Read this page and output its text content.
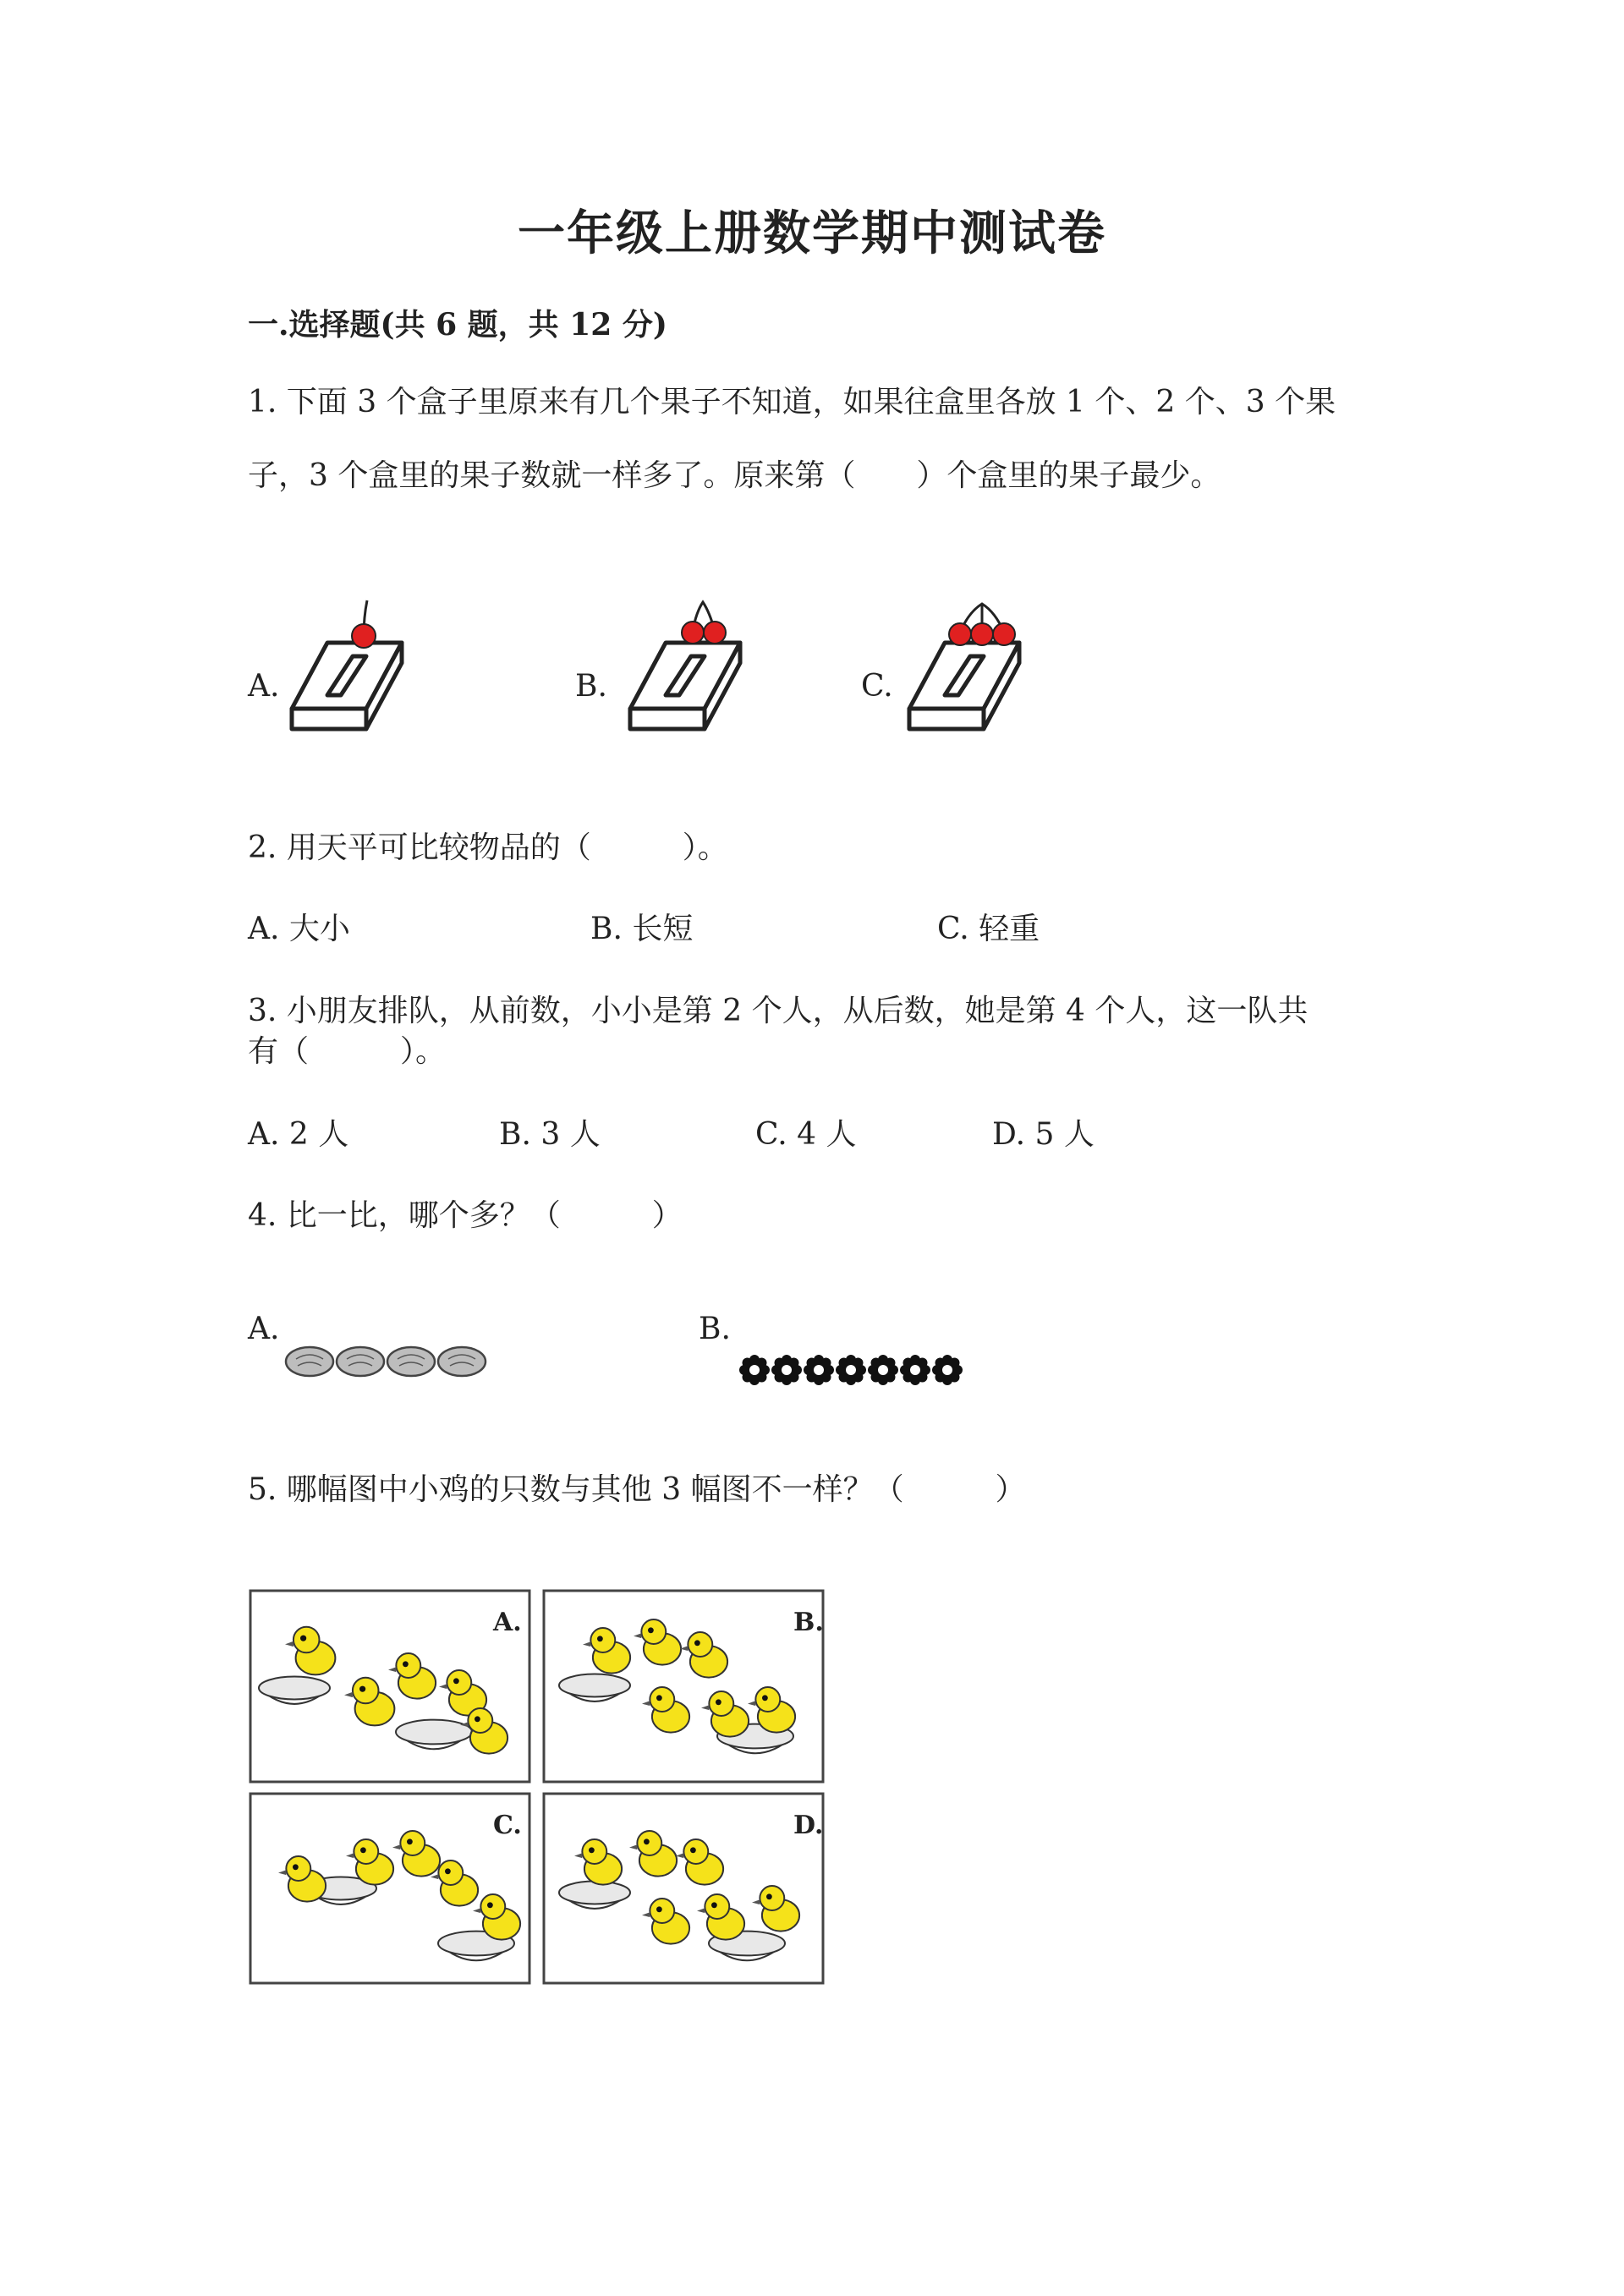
一年级上册数学期中测试卷
一.选择题(共 6 题，共 12 分)
1. 下面 3 个盒子里原来有几个果子不知道，如果往盒里各放 1 个、2 个、3 个果
子，3 个盒里的果子数就一样多了。原来第（　　）个盒里的果子最少。
A.	B.	C.
2. 用天平可比较物品的（　　　）。
A. 大小	B. 长短	C. 轻重
3. 小朋友排队，从前数，小小是第 2 个人，从后数，她是第 4 个人，这一队共
有（　　　）。
A. 2 人	B. 3 人	C. 4 人	D. 5 人
4. 比一比，哪个多？（　　　）
A.	B.
5. 哪幅图中小鸡的只数与其他 3 幅图不一样？（　　　）
A.	B.
C.	D.
